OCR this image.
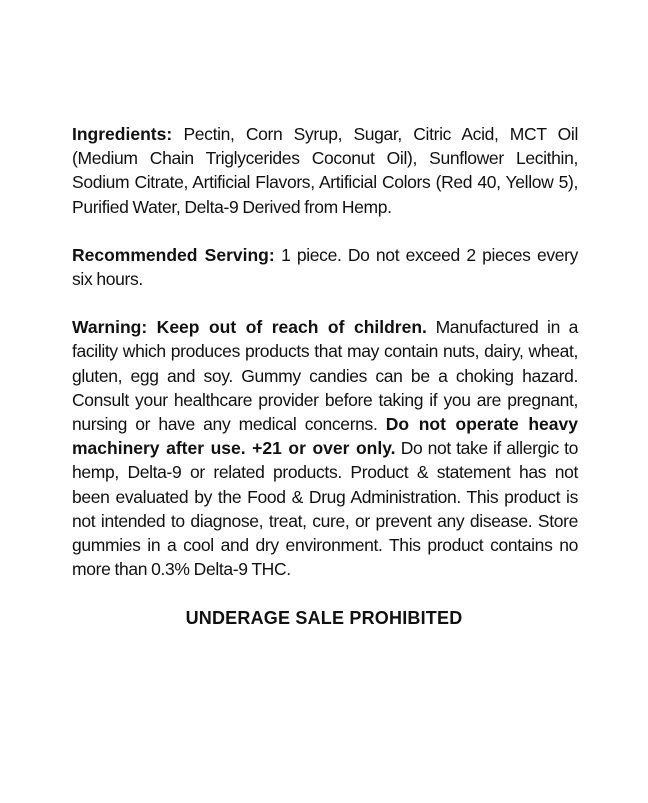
Ingredients: Pectin, Corn Syrup, Sugar, Citric Acid, MCT Oil (Medium Chain Triglycerides Coconut Oil), Sunflower Lecithin, Sodium Citrate, Artificial Flavors, Artificial Colors (Red 40, Yellow 5), Purified Water, Delta-9 Derived from Hemp.

Recommended Serving: 1 piece. Do not exceed 2 pieces every six hours.

Warning: Keep out of reach of children. Manufactured in a facility which produces products that may contain nuts, dairy, wheat, gluten, egg and soy. Gummy candies can be a choking hazard. Consult your healthcare provider before taking if you are pregnant, nursing or have any medical concerns. Do not operate heavy machinery after use. +21 or over only. Do not take if allergic to hemp, Delta-9 or related products. Product & statement has not been evaluated by the Food & Drug Administration. This product is not intended to diagnose, treat, cure, or prevent any disease. Store gummies in a cool and dry environment. This product contains no more than 0.3% Delta-9 THC.

UNDERAGE SALE PROHIBITED
